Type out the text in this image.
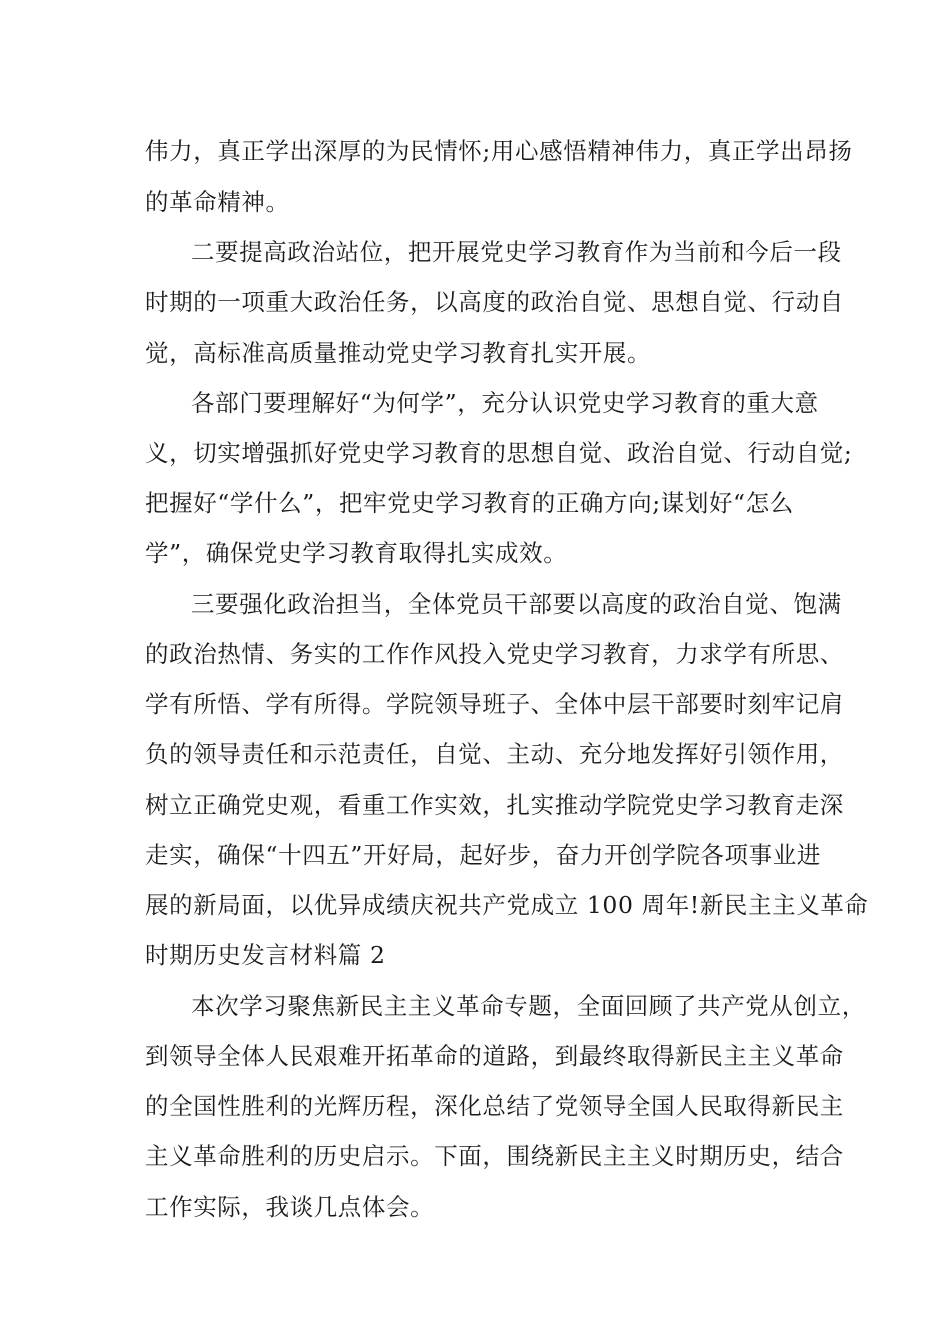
伟力，真正学出深厚的为民情怀;用心感悟精神伟力，真正学出昂扬
的革命精神。
二要提高政治站位，把开展党史学习教育作为当前和今后一段
时期的一项重大政治任务，以高度的政治自觉、思想自觉、行动自
觉，高标准高质量推动党史学习教育扎实开展。
各部门要理解好“为何学”，充分认识党史学习教育的重大意
义，切实增强抓好党史学习教育的思想自觉、政治自觉、行动自觉;
把握好“学什么”，把牢党史学习教育的正确方向;谋划好“怎么
学”，确保党史学习教育取得扎实成效。
三要强化政治担当，全体党员干部要以高度的政治自觉、饱满
的政治热情、务实的工作作风投入党史学习教育，力求学有所思、
学有所悟、学有所得。学院领导班子、全体中层干部要时刻牢记肩
负的领导责任和示范责任，自觉、主动、充分地发挥好引领作用，
树立正确党史观，看重工作实效，扎实推动学院党史学习教育走深
走实，确保“十四五”开好局，起好步，奋力开创学院各项事业进
展的新局面，以优异成绩庆祝共产党成立 100 周年!新民主主义革命
时期历史发言材料篇 2
本次学习聚焦新民主主义革命专题，全面回顾了共产党从创立，
到领导全体人民艰难开拓革命的道路，到最终取得新民主主义革命
的全国性胜利的光辉历程，深化总结了党领导全国人民取得新民主
主义革命胜利的历史启示。下面，围绕新民主主义时期历史，结合
工作实际，我谈几点体会。
